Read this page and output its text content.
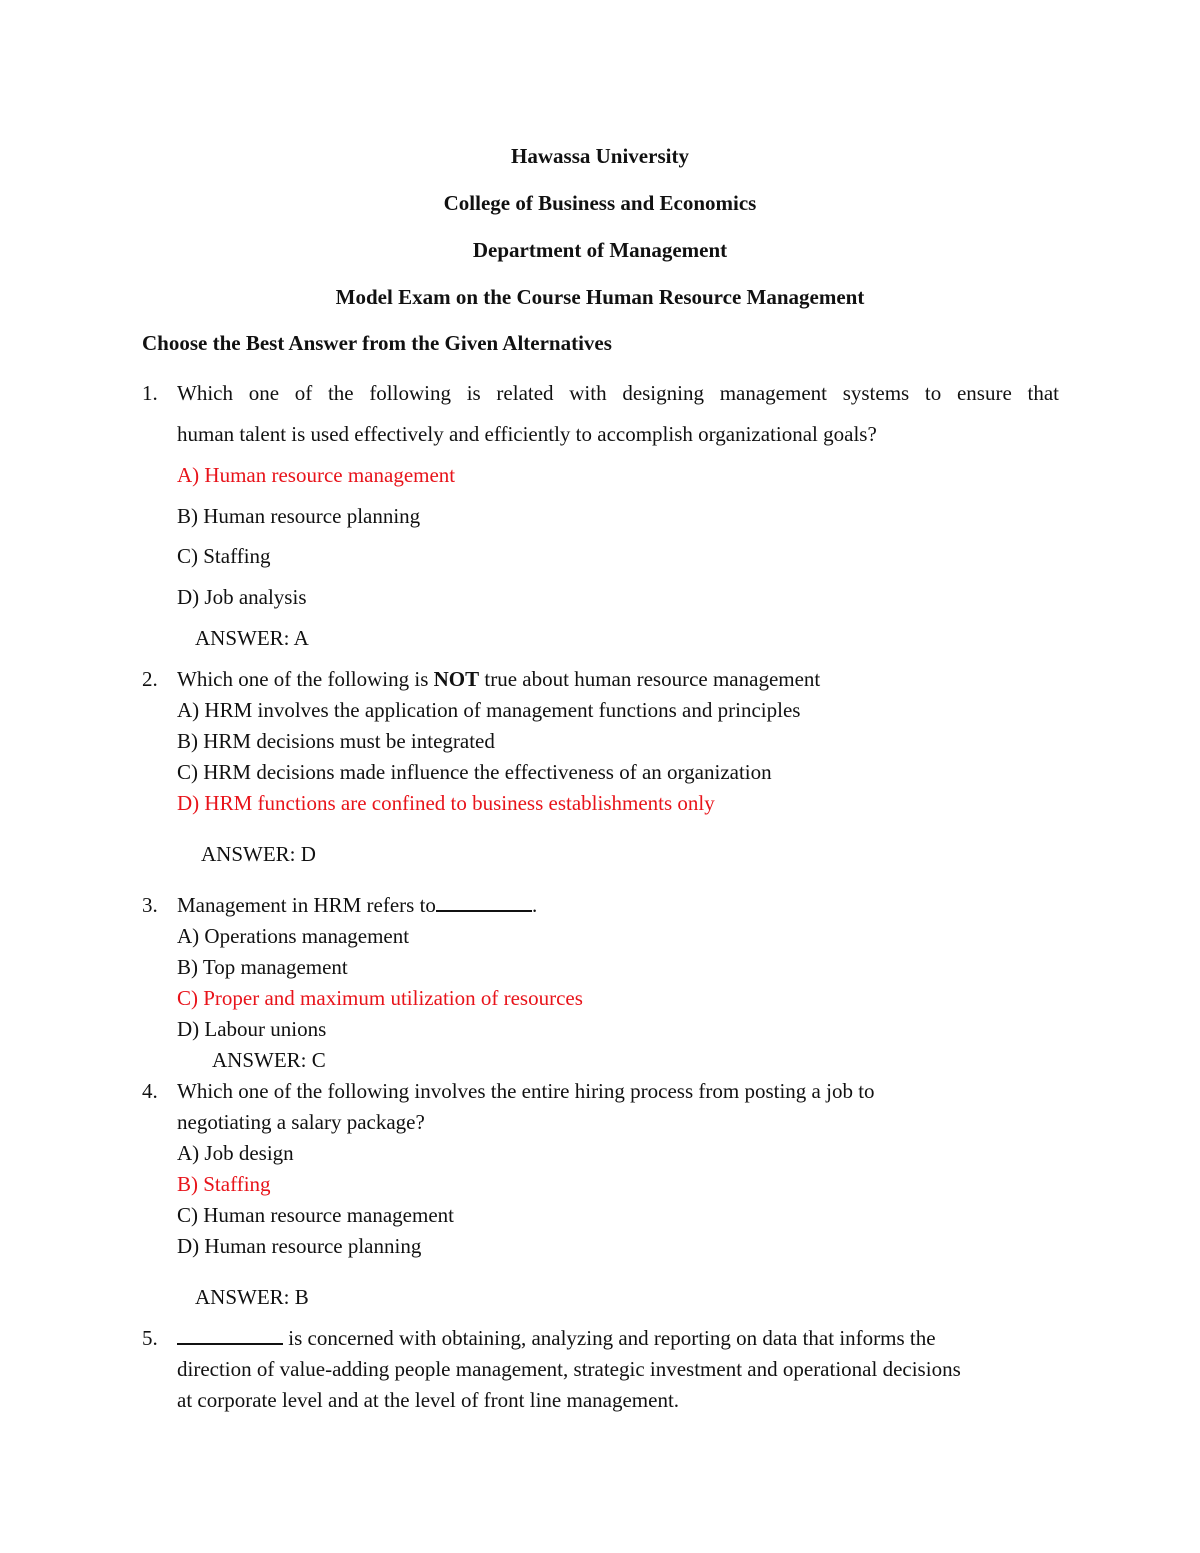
Hawassa University
College of Business and Economics
Department of Management
Model Exam on the Course Human Resource Management
Choose the Best Answer from the Given Alternatives
1. Which one of the following is related with designing management systems to ensure that
human talent is used effectively and efficiently to accomplish organizational goals?
A) Human resource management
B) Human resource planning
C) Staffing
D) Job analysis
ANSWER: A
2. Which one of the following is NOT true about human resource management
A) HRM involves the application of management functions and principles
B) HRM decisions must be integrated
C) HRM decisions made influence the effectiveness of an organization
D) HRM functions are confined to business establishments only
ANSWER: D
3. Management in HRM refers to	.
A) Operations management
B) Top management
C) Proper and maximum utilization of resources
D) Labour unions
ANSWER: C
4. Which one of the following involves the entire hiring process from posting a job to
negotiating a salary package?
A) Job design
B) Staffing
C) Human resource management
D) Human resource planning
ANSWER: B
5.	is concerned with obtaining, analyzing and reporting on data that informs the
direction of value-adding people management, strategic investment and operational decisions
at corporate level and at the level of front line management.
